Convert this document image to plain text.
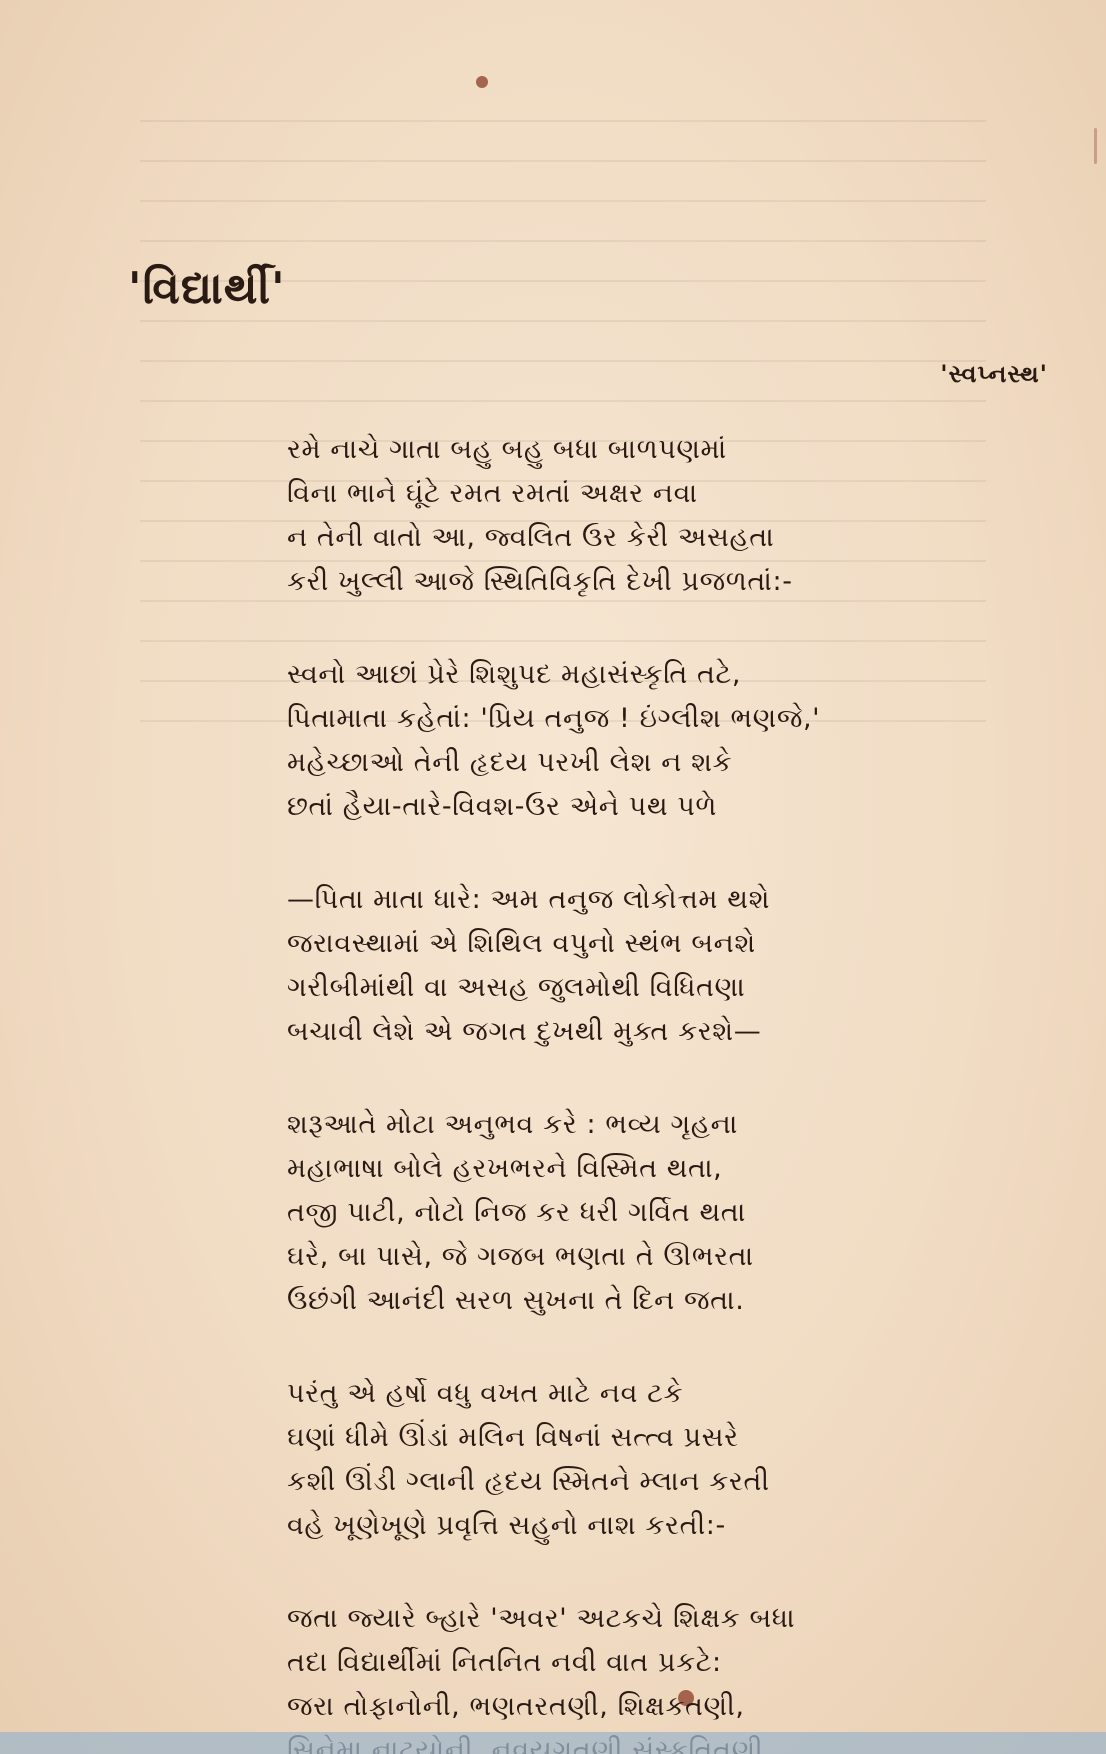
'વિદ્યાર્થી'
'સ્વપ્નસ્થ'
રમે નાચે ગાતા બહુ બહુ બધા બાળપણમાં
વિના ભાને ઘૂંટે રમત રમતાં અક્ષર નવા
ન તેની વાતો આ, જ્વલિત ઉર કેરી અસહતા
કરી ખુલ્લી આજે સ્થિતિવિકૃતિ દેખી પ્રજળતાં:-
સ્વનો આછાં પ્રેરે શિશુપદ મહાસંસ્કૃતિ તટે,
પિતામાતા કહેતાં: 'પ્રિય તનુજ ! ઇંગ્લીશ ભણજે,'
મહેચ્છાઓ તેની હૃદય પરખી લેશ ન શકે
છતાં હૈયા-તારે-વિવશ-ઉર એને પથ પળે
—પિતા માતા ધારે: અમ તનુજ લોકોત્તમ થશે
જરાવસ્થામાં એ શિથિલ વપુનો સ્થંભ બનશે
ગરીબીમાંથી વા અસહ જુલમોથી વિધિતણા
બચાવી લેશે એ જગત દુખથી મુક્ત કરશે—
શરૂઆતે મોટા અનુભવ કરે : ભવ્ય ગૃહના
મહાભાષા બોલે હરખભરને વિસ્મિત થતા,
તજી પાટી, નોટો નિજ કર ધરી ગર્વિત થતા
ઘરે, બા પાસે, જે ગજબ ભણતા તે ઊભરતા
ઉછંગી આનંદી સરળ સુખના તે દિન જતા.
પરંતુ એ હર્ષો વધુ વખત માટે નવ ટકે
ઘણાં ધીમે ઊંડાં મલિન વિષનાં સત્ત્વ પ્રસરે
કશી ઊંડી ગ્લાની હૃદય સ્મિતને મ્લાન કરતી
વહે ખૂણેખૂણે પ્રવૃત્તિ સહુનો નાશ કરતી:-
જતા જ્યારે બ્હારે 'અવર' અટકચે શિક્ષક બધા
તદા વિદ્યાર્થીમાં નિતનિત નવી વાત પ્રકટે:
જરા તોફાનોની, ભણતરતણી, શિક્ષકતણી,
